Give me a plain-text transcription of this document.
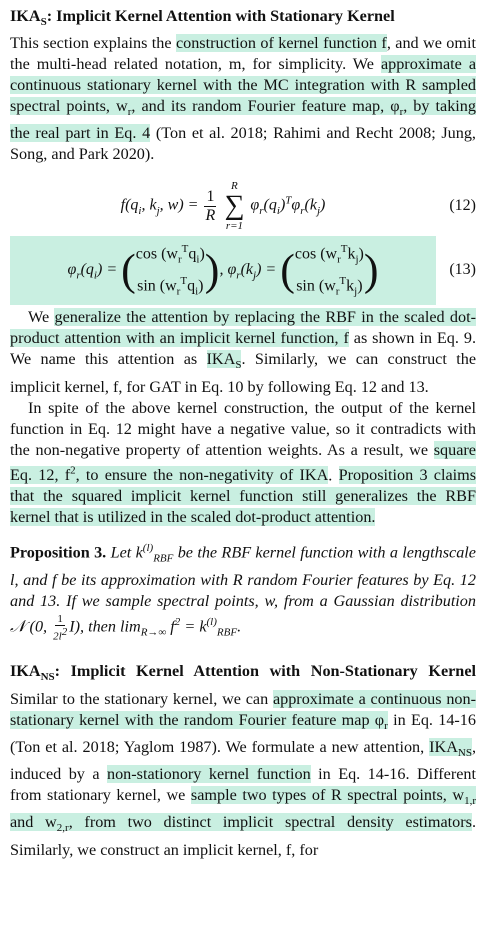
$IKA_S$: Implicit Kernel Attention with Stationary Kernel
This section explains the construction of kernel function f, and we omit the multi-head related notation, m, for simplicity. We approximate a continuous stationary kernel with the MC integration with R sampled spectral points, $w_r$, and its random Fourier feature map, $\varphi_r$, by taking the real part in Eq. 4 (Ton et al. 2018; Rahimi and Recht 2008; Jung, Song, and Park 2020).

$f(q_i$, $k_j$, $w) = \frac{1}{R}$

R
∑
r=1
$\varphi_r(q_i)^T\varphi_r(k_j)$	(12)
$\varphi_r(q_i)$ = ( $\cos (w_r^Tq_i)$
$\sin (w_r^Tq_i)$ ), $\varphi_r(k_j)$ = ( $\cos (w_r^Tk_j)$
$\sin (w_r^Tk_j)$ )	(13)

We generalize the attention by replacing the RBF in the scaled dot-product attention with an implicit kernel function, f as shown in Eq. 9. We name this attention as $IKA_S$. Similarly, we can construct the implicit kernel, f, for GAT in Eq. 10 by following Eq. 12 and 13.

In spite of the above kernel construction, the output of the kernel function in Eq. 12 might have a negative value, so it contradicts with the non-negative property of attention weights. As a result, we square Eq. 12, $f^2$, to ensure the non-negativity of IKA. Proposition 3 claims that the squared implicit kernel function still generalizes the RBF kernel that is utilized in the scaled dot-product attention.

Proposition 3. Let $k^{(l)}_{RBF}$ be the RBF kernel function with a lengthscale l, and f be its approximation with R random Fourier features by Eq. 12 and 13. If we sample spectral points, w, from a Gaussian distribution 𝒩 (0, $\frac{1}{2l^2} I$), then $\lim_{R\to\infty} f^2 = k^{(l)}_{RBF}$.

$IKA_{NS}$: Implicit Kernel Attention with Non-Stationary Kernel Similar to the stationary kernel, we can approximate a continuous non-stationary kernel with the random Fourier feature map $\varphi_r$ in Eq. 14-16 (Ton et al. 2018; Yaglom 1987). We formulate a new attention, $IKA_{NS}$, induced by a non-stationory kernel function in Eq. 14-16. Different from stationary kernel, we sample two types of R spectral points, $w_{1,r}$ and $w_{2,r}$, from two distinct implicit spectral density estimators. Similarly, we construct an implicit kernel, f, for
